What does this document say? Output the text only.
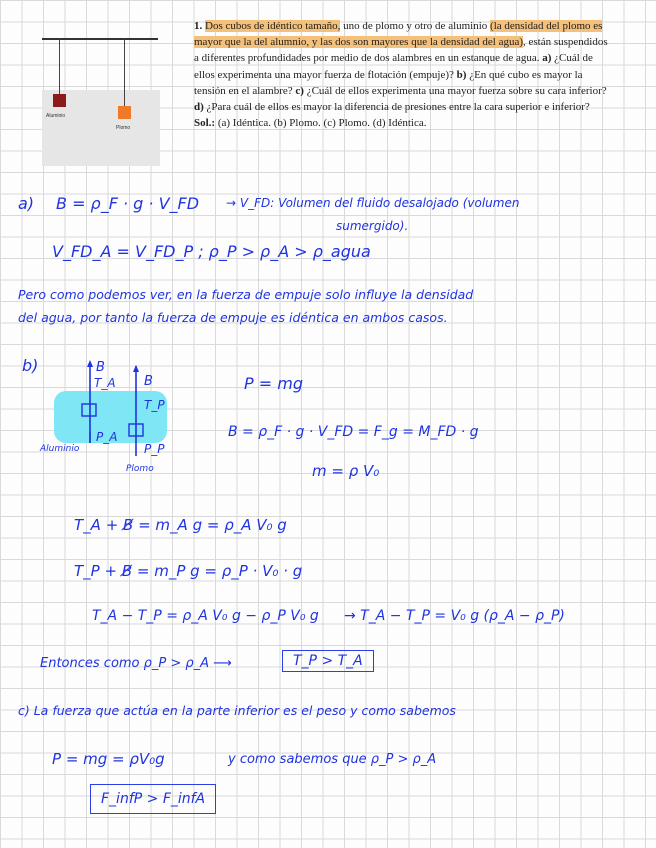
Aluminio
Plomo
1. Dos cubos de idéntico tamaño, uno de plomo y otro de aluminio (la densidad del plomo es mayor que la del alumnio, y las dos son mayores que la densidad del agua), están suspendidos a diferentes profundidades por medio de dos alambres en un estanque de agua. a) ¿Cuál de ellos experimenta una mayor fuerza de flotación (empuje)? b) ¿En qué cubo es mayor la tensión en el alambre? c) ¿Cuál de ellos experimenta una mayor fuerza sobre su cara inferior? d) ¿Para cuál de ellos es mayor la diferencia de presiones entre la cara superior e inferior?
Sol.: (a) Idéntica. (b) Plomo. (c) Plomo. (d) Idéntica.
a) B = ρ_F · g · V_FD → V_FD: Volumen del fluido desalojado (volumen
sumergido).
V_FD_A = V_FD_P ; ρ_P > ρ_A > ρ_agua
Pero como podemos ver, en la fuerza de empuje solo influye la densidad
del agua, por tanto la fuerza de empuje es idéntica en ambos casos.
b)	B
T_A
P_A
B
T_P
P_P
Aluminio
Plomo
P = mg
B = ρ_F · g · V_FD = F_g = M_FD · g
m = ρ V₀
T_A + B̸ = m_A g = ρ_A V₀ g
T_P + B̸ = m_P g = ρ_P · V₀ · g
T_A − T_P = ρ_A V₀ g − ρ_P V₀ g → T_A − T_P = V₀ g (ρ_A − ρ_P)
Entonces como ρ_P > ρ_A ⟶	T_P > T_A
c) La fuerza que actúa en la parte inferior es el peso y como sabemos
P = mg = ρV₀g	y como sabemos que ρ_P > ρ_A
F_infP > F_infA
